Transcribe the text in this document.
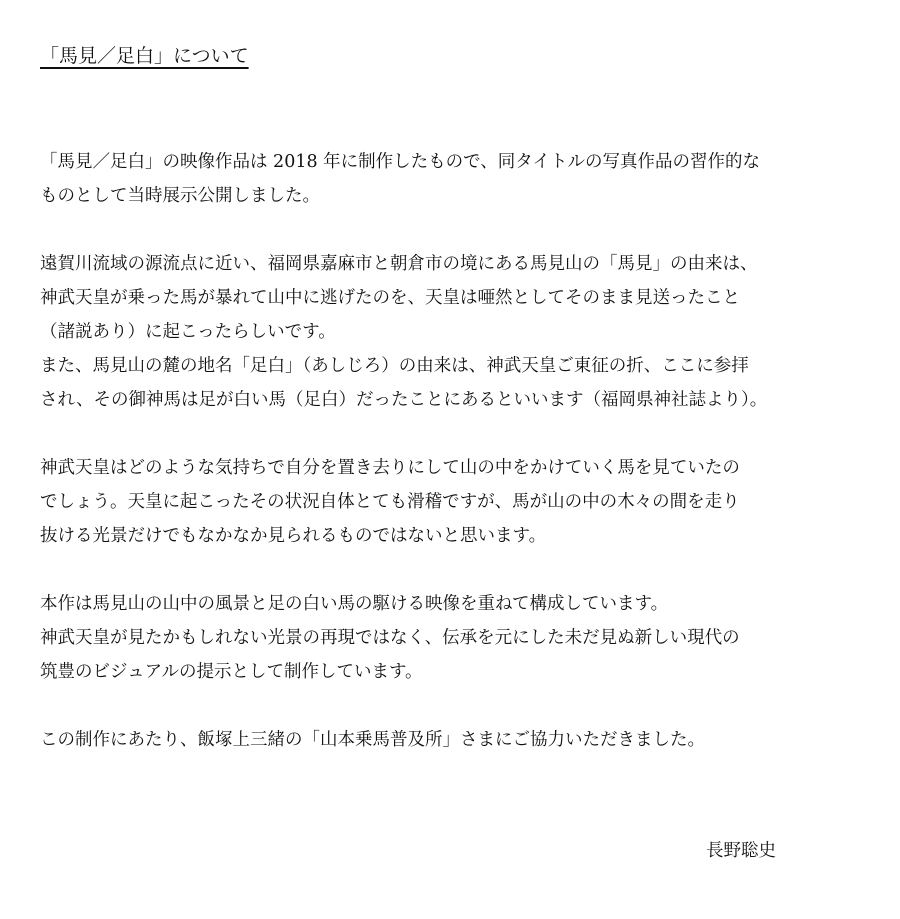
「馬見／足白」について

「馬見／足白」の映像作品は 2018 年に制作したもので、同タイトルの写真作品の習作的な
ものとして当時展示公開しました。

遠賀川流域の源流点に近い、福岡県嘉麻市と朝倉市の境にある馬見山の「馬見」の由来は、
神武天皇が乗った馬が暴れて山中に逃げたのを、天皇は唖然としてそのまま見送ったこと
（諸説あり）に起こったらしいです。
また、馬見山の麓の地名「足白」（あしじろ）の由来は、神武天皇ご東征の折、ここに参拝
され、その御神馬は足が白い馬（足白）だったことにあるといいます（福岡県神社誌より）。

神武天皇はどのような気持ちで自分を置き去りにして山の中をかけていく馬を見ていたの
でしょう。天皇に起こったその状況自体とても滑稽ですが、馬が山の中の木々の間を走り
抜ける光景だけでもなかなか見られるものではないと思います。

本作は馬見山の山中の風景と足の白い馬の駆ける映像を重ねて構成しています。
神武天皇が見たかもしれない光景の再現ではなく、伝承を元にした未だ見ぬ新しい現代の
筑豊のビジュアルの提示として制作しています。

この制作にあたり、飯塚上三緒の「山本乗馬普及所」さまにご協力いただきました。

長野聡史
